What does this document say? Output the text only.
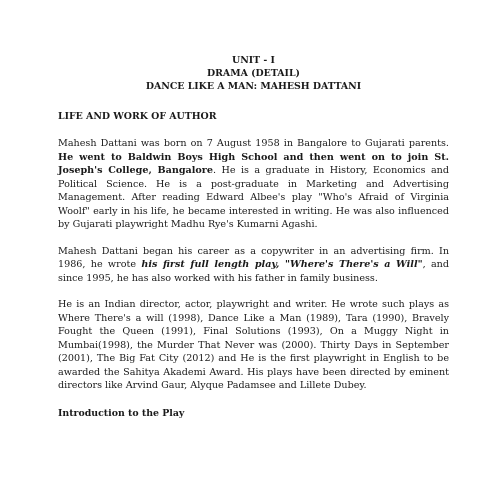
UNIT - I
DRAMA (DETAIL)
DANCE LIKE A MAN: MAHESH DATTANI
LIFE AND WORK OF AUTHOR

Mahesh Dattani was born on 7 August 1958 in Bangalore to Gujarati parents. He went to Baldwin Boys High School and then went on to join St. Joseph's College, Bangalore. He is a graduate in History, Economics and Political Science. He is a post-graduate in Marketing and Advertising Management. After reading Edward Albee's play "Who's Afraid of Virginia Woolf" early in his life, he became interested in writing. He was also influenced by Gujarati playwright Madhu Rye's Kumarni Agashi.

Mahesh Dattani began his career as a copywriter in an advertising firm. In 1986, he wrote his first full length play, "Where's There's a Will", and since 1995, he has also worked with his father in family business.

He is an Indian director, actor, playwright and writer. He wrote such plays as Where There's a will (1998), Dance Like a Man (1989), Tara (1990), Bravely Fought the Queen (1991), Final Solutions (1993), On a Muggy Night in Mumbai(1998), the Murder That Never was (2000). Thirty Days in September (2001), The Big Fat City (2012) and He is the first playwright in English to be awarded the Sahitya Akademi Award. His plays have been directed by eminent directors like Arvind Gaur, Alyque Padamsee and Lillete Dubey.

Introduction to the Play
